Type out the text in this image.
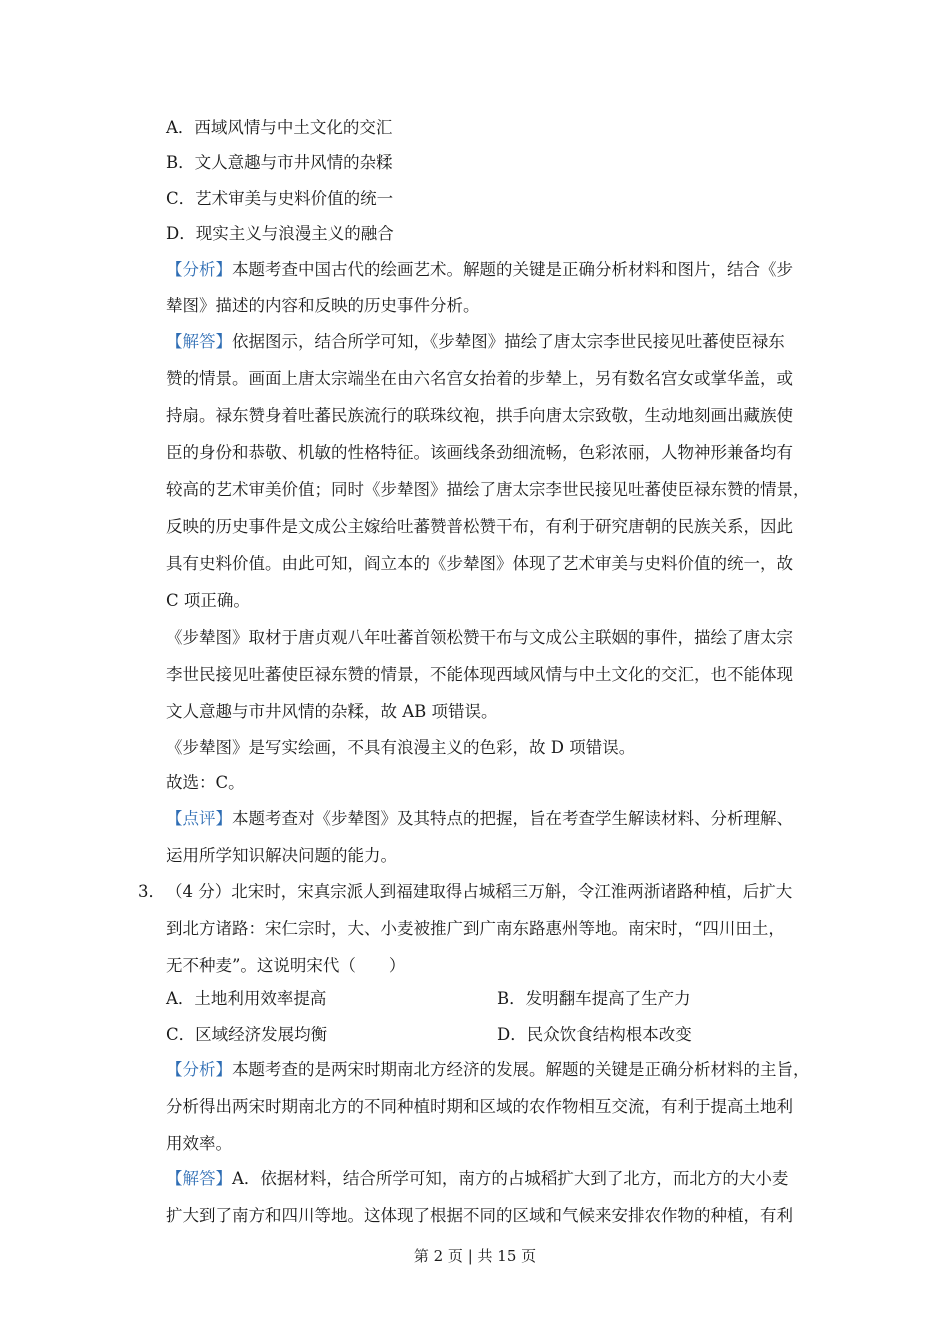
A．西域风情与中土文化的交汇
B．文人意趣与市井风情的杂糅
C．艺术审美与史料价值的统一
D．现实主义与浪漫主义的融合
【分析】本题考查中国古代的绘画艺术。解题的关键是正确分析材料和图片，结合《步
辇图》描述的内容和反映的历史事件分析。
【解答】依据图示，结合所学可知，《步辇图》描绘了唐太宗李世民接见吐蕃使臣禄东
赞的情景。画面上唐太宗端坐在由六名宫女抬着的步辇上，另有数名宫女或掌华盖，或
持扇。禄东赞身着吐蕃民族流行的联珠纹袍，拱手向唐太宗致敬，生动地刻画出藏族使
臣的身份和恭敬、机敏的性格特征。该画线条劲细流畅，色彩浓丽，人物神形兼备均有
较高的艺术审美价值；同时《步辇图》描绘了唐太宗李世民接见吐蕃使臣禄东赞的情景，
反映的历史事件是文成公主嫁给吐蕃赞普松赞干布，有利于研究唐朝的民族关系，因此
具有史料价值。由此可知，阎立本的《步辇图》体现了艺术审美与史料价值的统一，故
C 项正确。
《步辇图》取材于唐贞观八年吐蕃首领松赞干布与文成公主联姻的事件，描绘了唐太宗
李世民接见吐蕃使臣禄东赞的情景，不能体现西域风情与中土文化的交汇，也不能体现
文人意趣与市井风情的杂糅，故 AB 项错误。
《步辇图》是写实绘画，不具有浪漫主义的色彩，故 D 项错误。
故选：C。
【点评】本题考查对《步辇图》及其特点的把握，旨在考查学生解读材料、分析理解、
运用所学知识解决问题的能力。
3． （4 分）北宋时，宋真宗派人到福建取得占城稻三万斛，令江淮两浙诸路种植，后扩大
到北方诸路：宋仁宗时，大、小麦被推广到广南东路惠州等地。南宋时，“四川田土，
无不种麦”。这说明宋代（　　）
A．土地利用效率提高	B．发明翻车提高了生产力
C．区域经济发展均衡	D．民众饮食结构根本改变
【分析】本题考查的是两宋时期南北方经济的发展。解题的关键是正确分析材料的主旨，
分析得出两宋时期南北方的不同种植时期和区域的农作物相互交流，有利于提高土地利
用效率。
【解答】A．依据材料，结合所学可知，南方的占城稻扩大到了北方，而北方的大小麦
扩大到了南方和四川等地。这体现了根据不同的区域和气候来安排农作物的种植，有利
第 2 页 | 共 15 页
